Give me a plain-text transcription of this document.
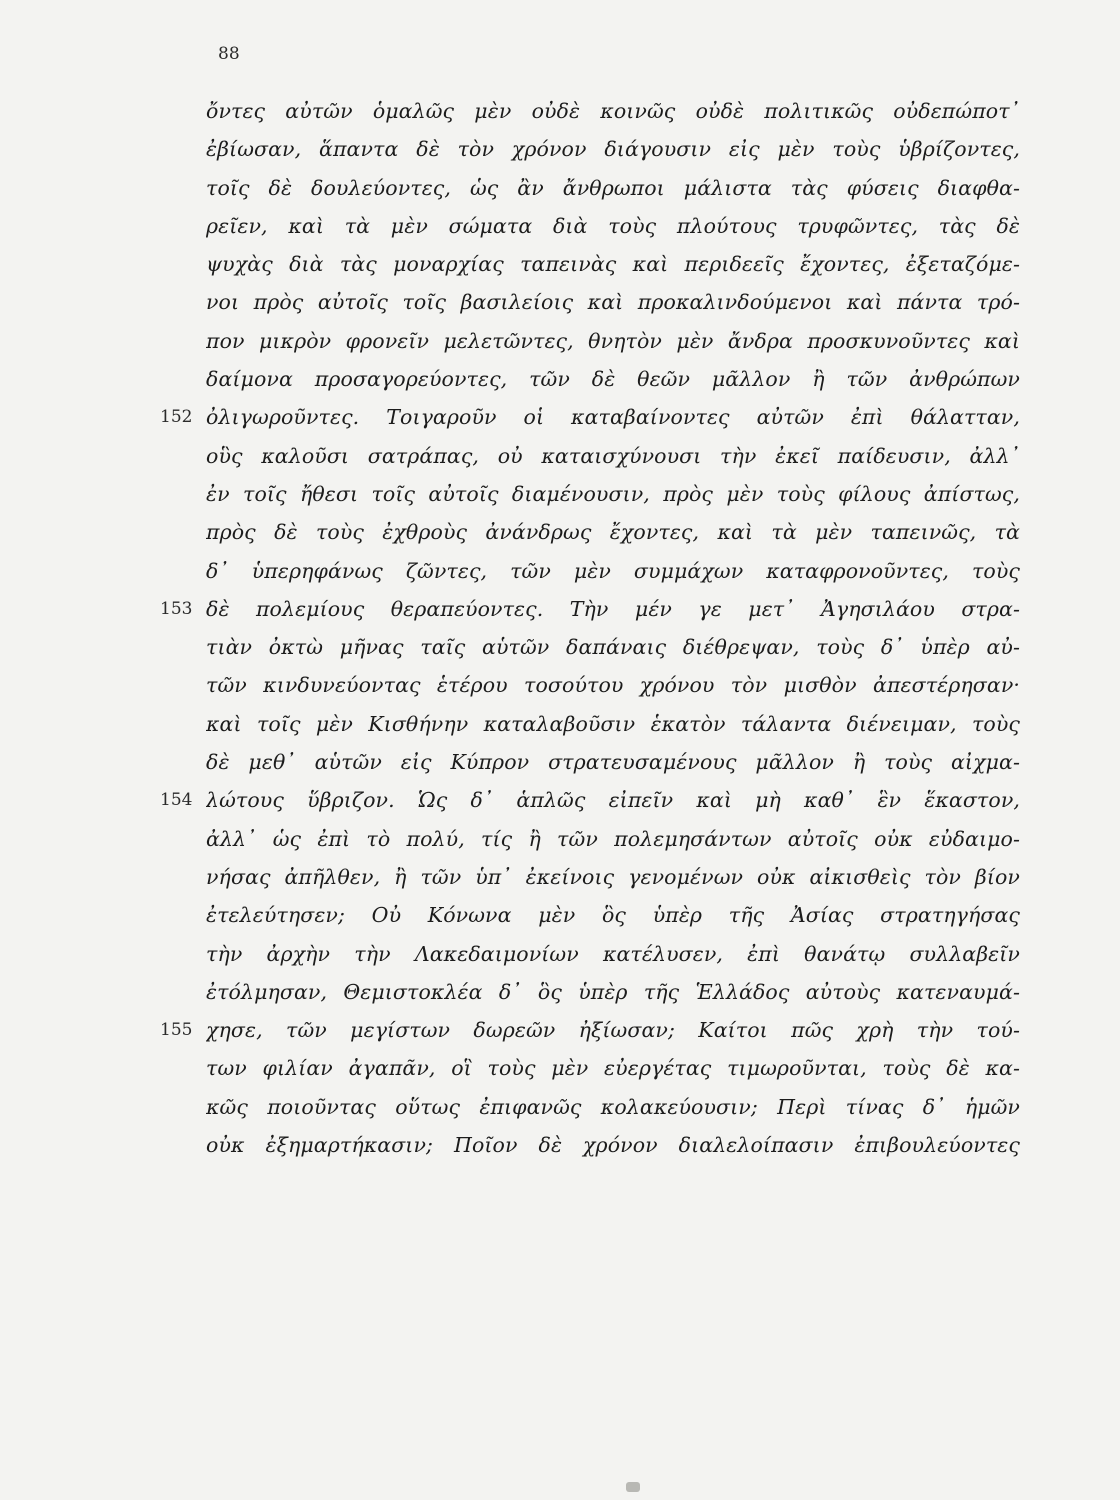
88
ὄντες αὐτῶν ὁμαλῶς μὲν οὐδὲ κοινῶς οὐδὲ πολιτικῶς οὐδεπώποτ᾽
ἐβίωσαν, ἅπαντα δὲ τὸν χρόνον διάγουσιν εἰς μὲν τοὺς ὑβρίζοντες,
τοῖς δὲ δουλεύοντες, ὡς ἂν ἄνθρωποι μάλιστα τὰς φύσεις διαφθα-
ρεῖεν, καὶ τὰ μὲν σώματα διὰ τοὺς πλούτους τρυφῶντες, τὰς δὲ
ψυχὰς διὰ τὰς μοναρχίας ταπεινὰς καὶ περιδεεῖς ἔχοντες, ἐξεταζόμε-
νοι πρὸς αὐτοῖς τοῖς βασιλείοις καὶ προκαλινδούμενοι καὶ πάντα τρό-
πον μικρὸν φρονεῖν μελετῶντες, θνητὸν μὲν ἄνδρα προσκυνοῦντες καὶ
δαίμονα προσαγορεύοντες, τῶν δὲ θεῶν μᾶλλον ἢ τῶν ἀνθρώπων
152 ὀλιγωροῦντες. Τοιγαροῦν οἱ καταβαίνοντες αὐτῶν ἐπὶ θάλατταν,
οὓς καλοῦσι σατράπας, οὐ καταισχύνουσι τὴν ἐκεῖ παίδευσιν, ἀλλ᾽
ἐν τοῖς ἤθεσι τοῖς αὐτοῖς διαμένουσιν, πρὸς μὲν τοὺς φίλους ἀπίστως,
πρὸς δὲ τοὺς ἐχθροὺς ἀνάνδρως ἔχοντες, καὶ τὰ μὲν ταπεινῶς, τὰ
δ᾽ ὑπερηφάνως ζῶντες, τῶν μὲν συμμάχων καταφρονοῦντες, τοὺς
153 δὲ πολεμίους θεραπεύοντες. Τὴν μέν γε μετ᾽ Ἀγησιλάου στρα-
τιὰν ὀκτὼ μῆνας ταῖς αὑτῶν δαπάναις διέθρεψαν, τοὺς δ᾽ ὑπὲρ αὐ-
τῶν κινδυνεύοντας ἑτέρου τοσούτου χρόνου τὸν μισθὸν ἀπεστέρησαν·
καὶ τοῖς μὲν Κισθήνην καταλαβοῦσιν ἑκατὸν τάλαντα διένειμαν, τοὺς
δὲ μεθ᾽ αὑτῶν εἰς Κύπρον στρατευσαμένους μᾶλλον ἢ τοὺς αἰχμα-
154 λώτους ὕβριζον. Ὡς δ᾽ ἁπλῶς εἰπεῖν καὶ μὴ καθ᾽ ἓν ἕκαστον,
ἀλλ᾽ ὡς ἐπὶ τὸ πολύ, τίς ἢ τῶν πολεμησάντων αὐτοῖς οὐκ εὐδαιμο-
νήσας ἀπῆλθεν, ἢ τῶν ὑπ᾽ ἐκείνοις γενομένων οὐκ αἰκισθεὶς τὸν βίον
ἐτελεύτησεν; Οὐ Κόνωνα μὲν ὃς ὑπὲρ τῆς Ἀσίας στρατηγήσας
τὴν ἀρχὴν τὴν Λακεδαιμονίων κατέλυσεν, ἐπὶ θανάτῳ συλλαβεῖν
ἐτόλμησαν, Θεμιστοκλέα δ᾽ ὃς ὑπὲρ τῆς Ἑλλάδος αὐτοὺς κατεναυμά-
155 χησε, τῶν μεγίστων δωρεῶν ἠξίωσαν; Καίτοι πῶς χρὴ τὴν τού-
των φιλίαν ἀγαπᾶν, οἳ τοὺς μὲν εὐεργέτας τιμωροῦνται, τοὺς δὲ κα-
κῶς ποιοῦντας οὕτως ἐπιφανῶς κολακεύουσιν; Περὶ τίνας δ᾽ ἡμῶν
οὐκ ἐξημαρτήκασιν; Ποῖον δὲ χρόνον διαλελοίπασιν ἐπιβουλεύοντες
